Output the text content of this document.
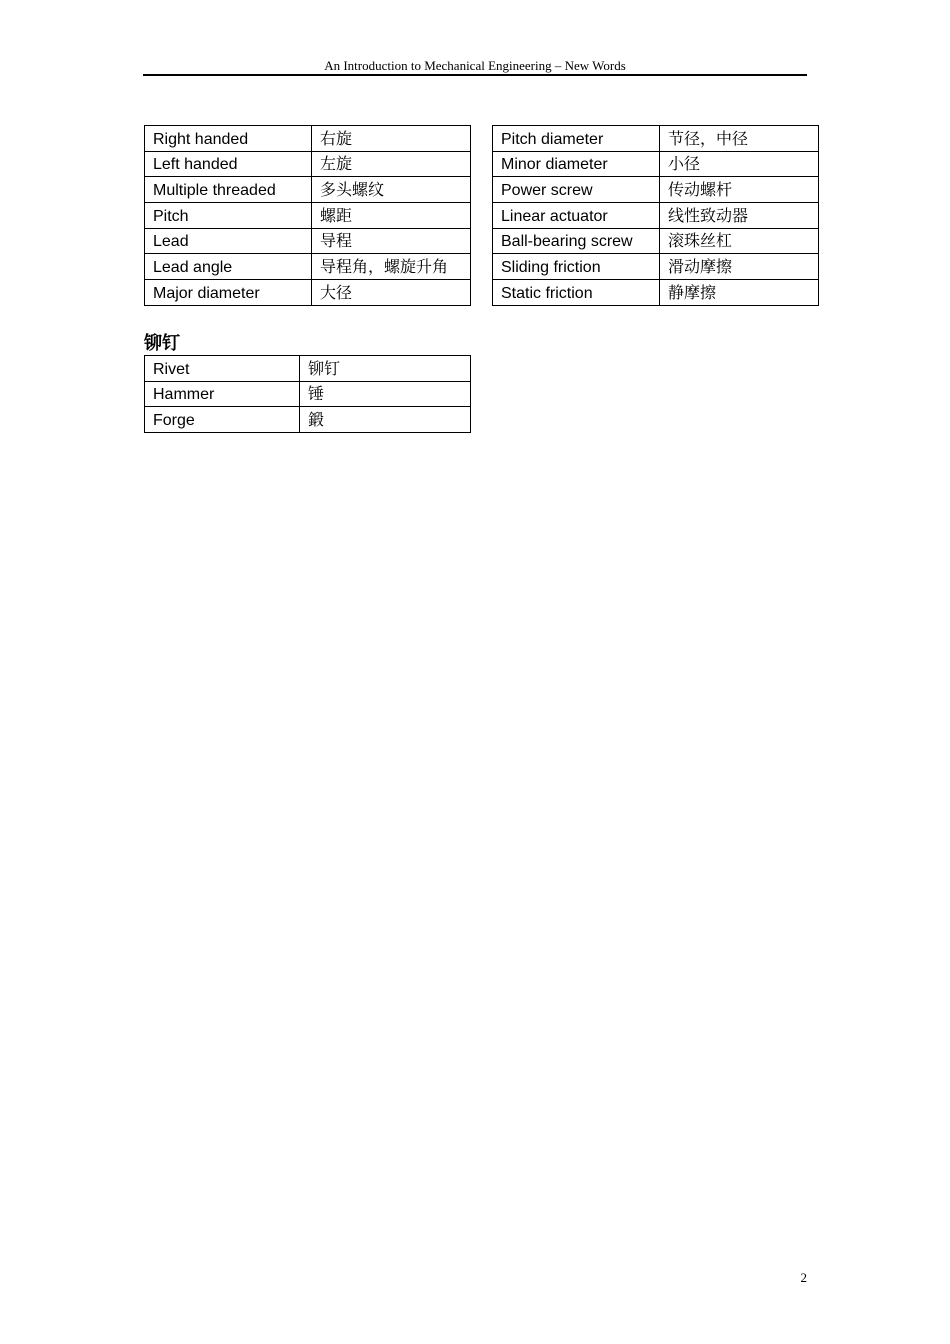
An Introduction to Mechanical Engineering – New Words
Right handed	右旋
Left handed	左旋
Multiple threaded	多头螺纹
Pitch	螺距
Lead	导程
Lead angle	导程角，螺旋升角
Major diameter	大径
Pitch diameter	节径，中径
Minor diameter	小径
Power screw	传动螺杆
Linear actuator	线性致动器
Ball-bearing screw	滚珠丝杠
Sliding friction	滑动摩擦
Static friction	静摩擦
铆钉
Rivet	铆钉
Hammer	锤
Forge	鍛
2
